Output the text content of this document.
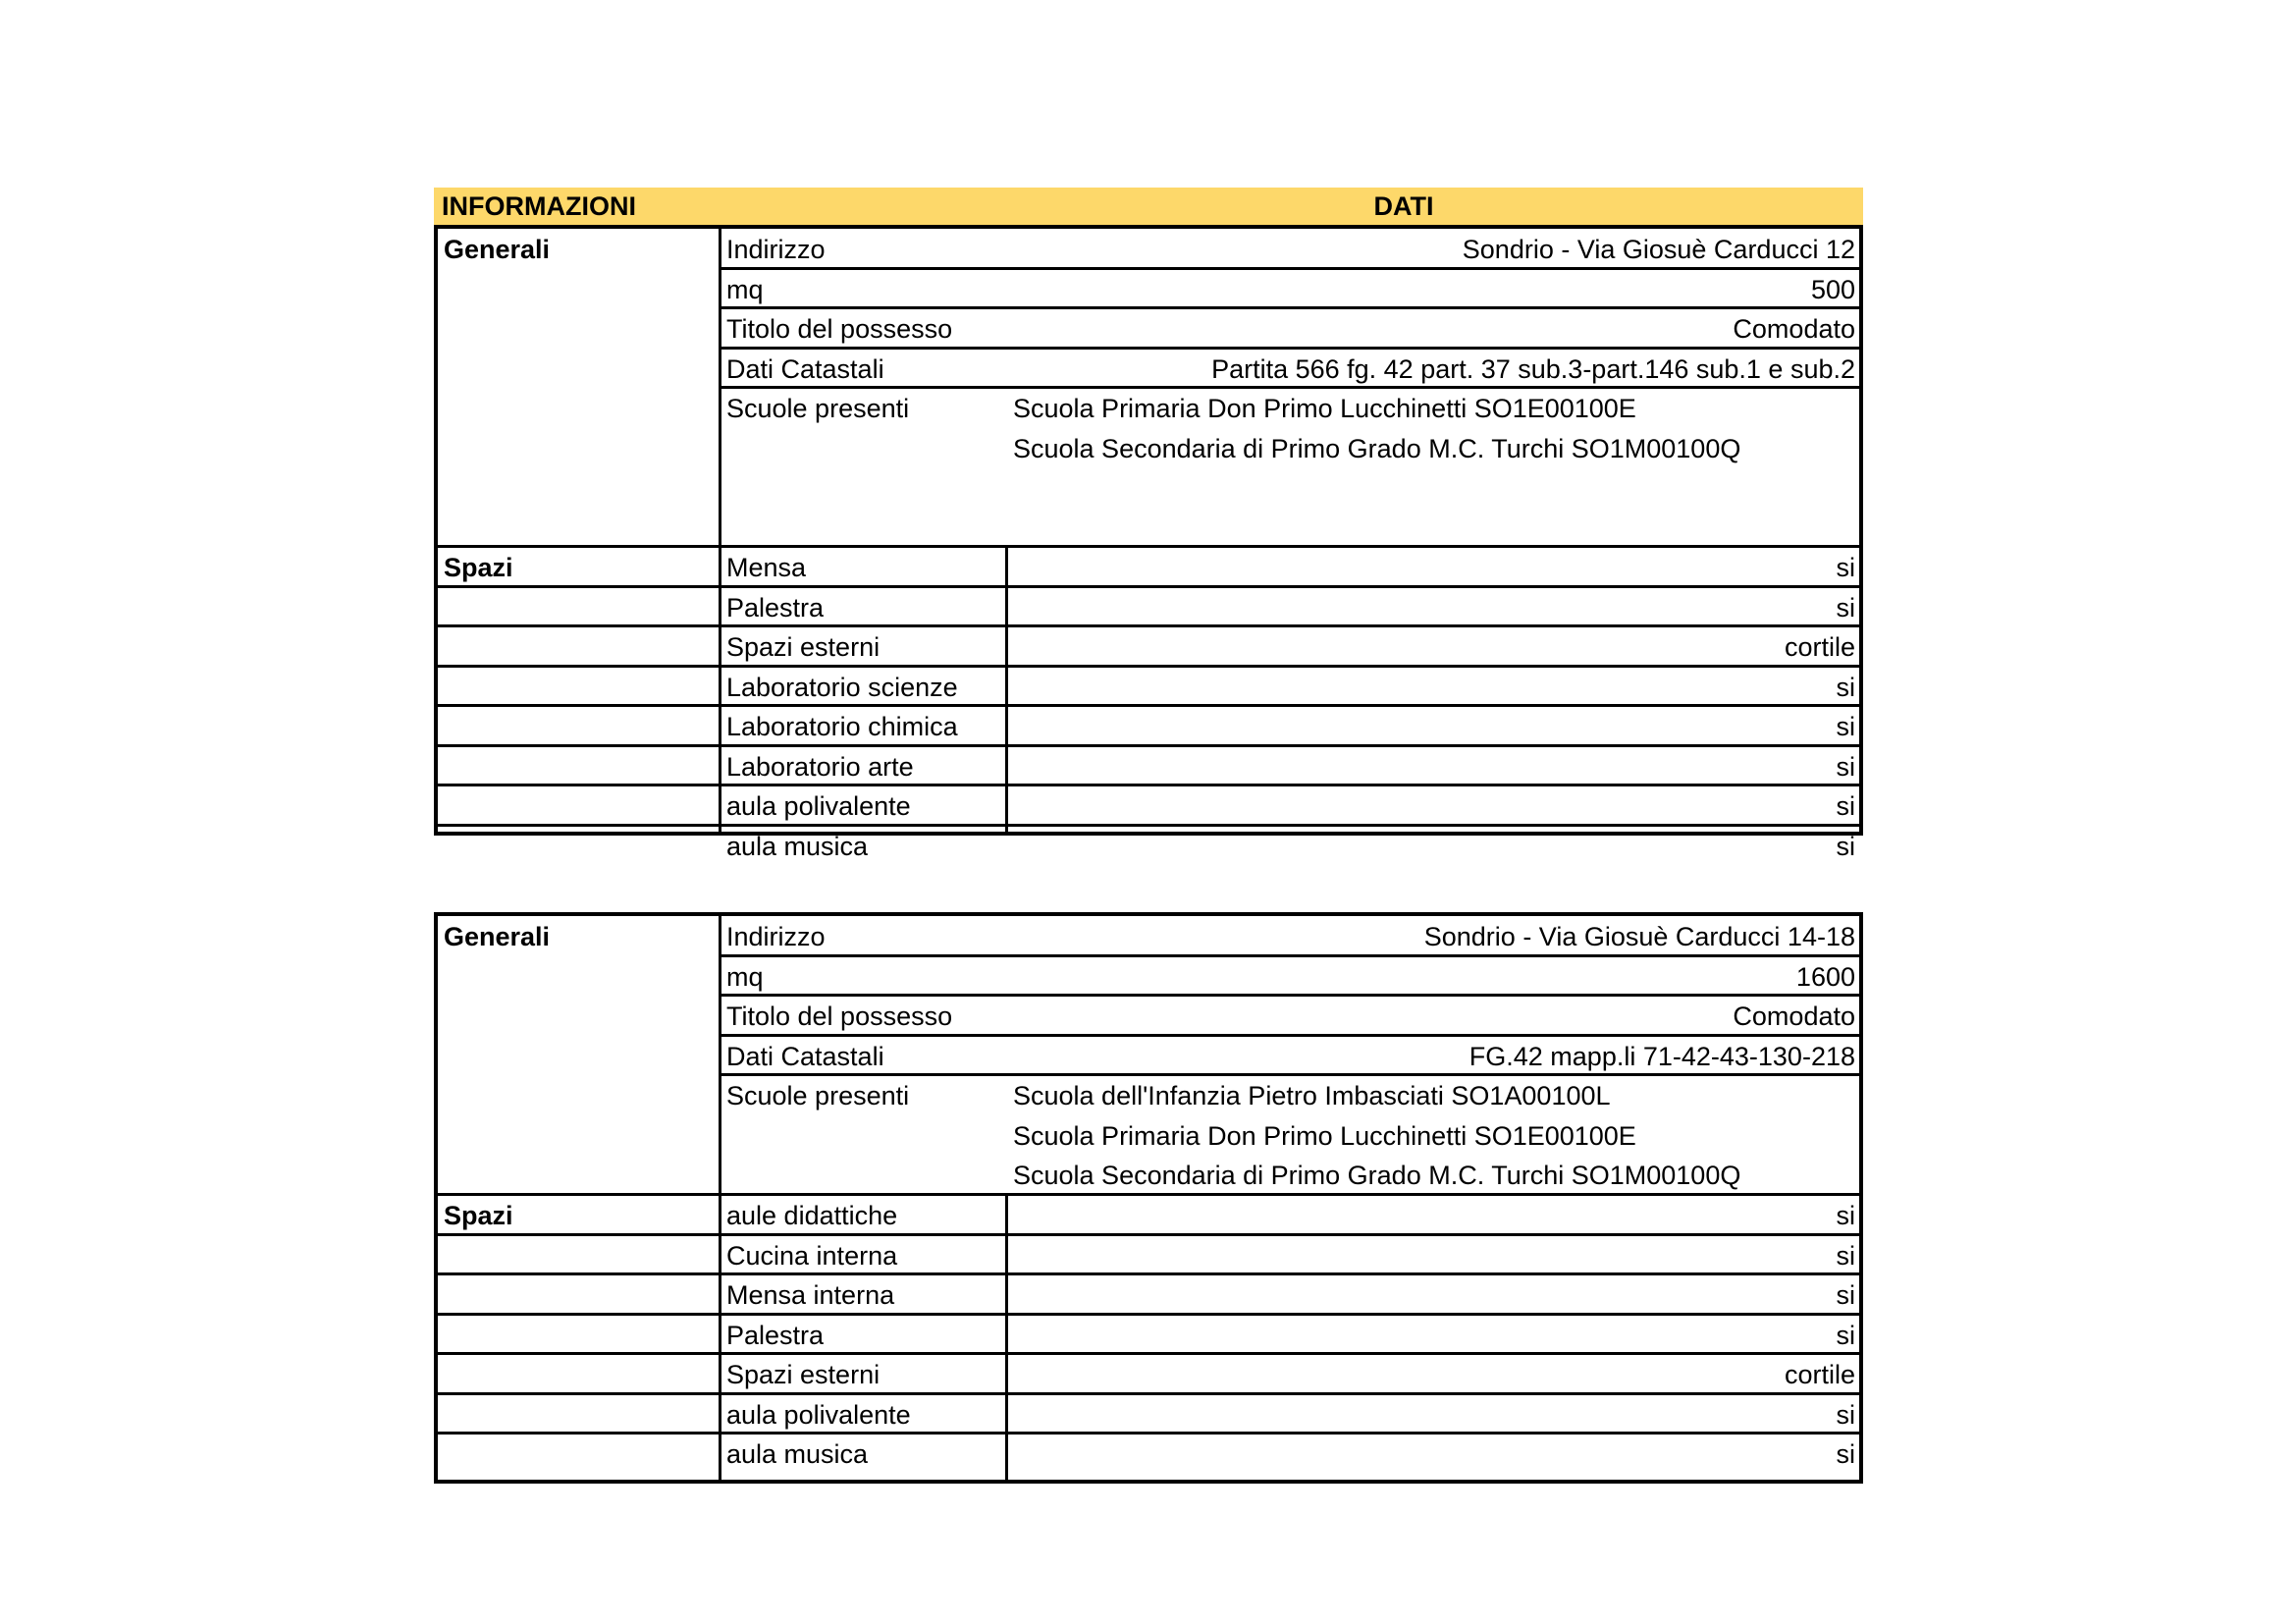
INFORMAZIONI	DATI
Generali	Indirizzo	Sondrio - Via Giosuè Carducci 12
mq	500
Titolo del possesso	Comodato
Dati Catastali	Partita 566 fg. 42 part. 37 sub.3-part.146 sub.1 e sub.2
Scuole presenti	Scuola Primaria Don Primo Lucchinetti SO1E00100E
Scuola Secondaria di Primo Grado M.C. Turchi SO1M00100Q
Spazi	Mensa	si
Palestra	si
Spazi esterni	cortile
Laboratorio scienze	si
Laboratorio chimica	si
Laboratorio arte	si
aula polivalente	si
aula musica	si
Generali	Indirizzo	Sondrio - Via Giosuè Carducci 14-18
mq	1600
Titolo del possesso	Comodato
Dati Catastali	FG.42 mapp.li 71-42-43-130-218
Scuole presenti	Scuola dell'Infanzia Pietro Imbasciati SO1A00100L
Scuola Primaria Don Primo Lucchinetti SO1E00100E
Scuola Secondaria di Primo Grado M.C. Turchi SO1M00100Q
Spazi	aule didattiche	si
Cucina interna	si
Mensa interna	si
Palestra	si
Spazi esterni	cortile
aula polivalente	si
aula musica	si
